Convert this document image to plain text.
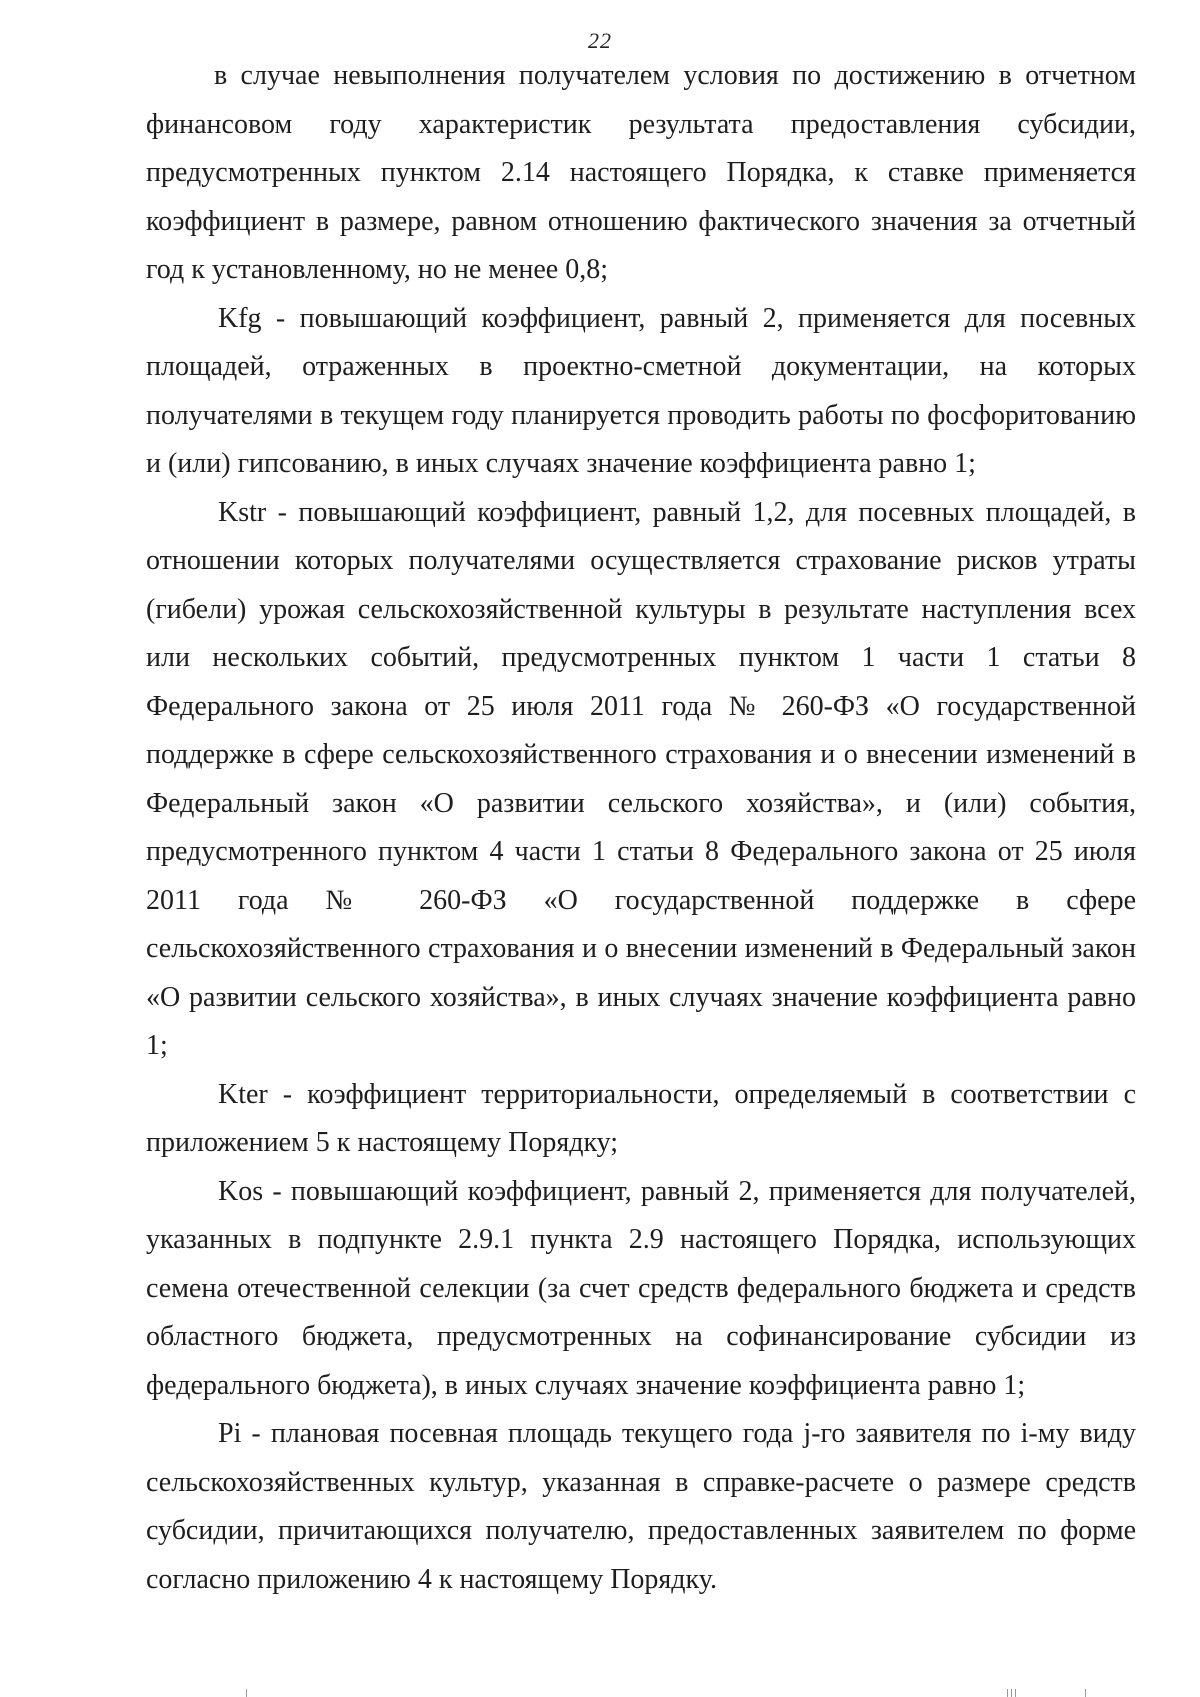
22

в случае невыполнения получателем условия по достижению в отчетном финансовом году характеристик результата предоставления субсидии, предусмотренных пунктом 2.14 настоящего Порядка, к ставке применяется коэффициент в размере, равном отношению фактического значения за отчетный год к установленному, но не менее 0,8;

Kfg - повышающий коэффициент, равный 2, применяется для посевных площадей, отраженных в проектно-сметной документации, на которых получателями в текущем году планируется проводить работы по фосфоритованию и (или) гипсованию, в иных случаях значение коэффициента равно 1;

Kstr - повышающий коэффициент, равный 1,2, для посевных площадей, в отношении которых получателями осуществляется страхование рисков утраты (гибели) урожая сельскохозяйственной культуры в результате наступления всех или нескольких событий, предусмотренных пунктом 1 части 1 статьи 8 Федерального закона от 25 июля 2011 года № 260-ФЗ «О государственной поддержке в сфере сельскохозяйственного страхования и о внесении изменений в Федеральный закон «О развитии сельского хозяйства», и (или) события, предусмотренного пунктом 4 части 1 статьи 8 Федерального закона от 25 июля 2011 года № 260-ФЗ «О государственной поддержке в сфере сельскохозяйственного страхования и о внесении изменений в Федеральный закон «О развитии сельского хозяйства», в иных случаях значение коэффициента равно 1;

Kter - коэффициент территориальности, определяемый в соответствии с приложением 5 к настоящему Порядку;

Kos - повышающий коэффициент, равный 2, применяется для получателей, указанных в подпункте 2.9.1 пункта 2.9 настоящего Порядка, использующих семена отечественной селекции (за счет средств федерального бюджета и средств областного бюджета, предусмотренных на софинансирование субсидии из федерального бюджета), в иных случаях значение коэффициента равно 1;

Pi - плановая посевная площадь текущего года j-го заявителя по i-му виду сельскохозяйственных культур, указанная в справке-расчете о размере средств субсидии, причитающихся получателю, предоставленных заявителем по форме согласно приложению 4 к настоящему Порядку.
